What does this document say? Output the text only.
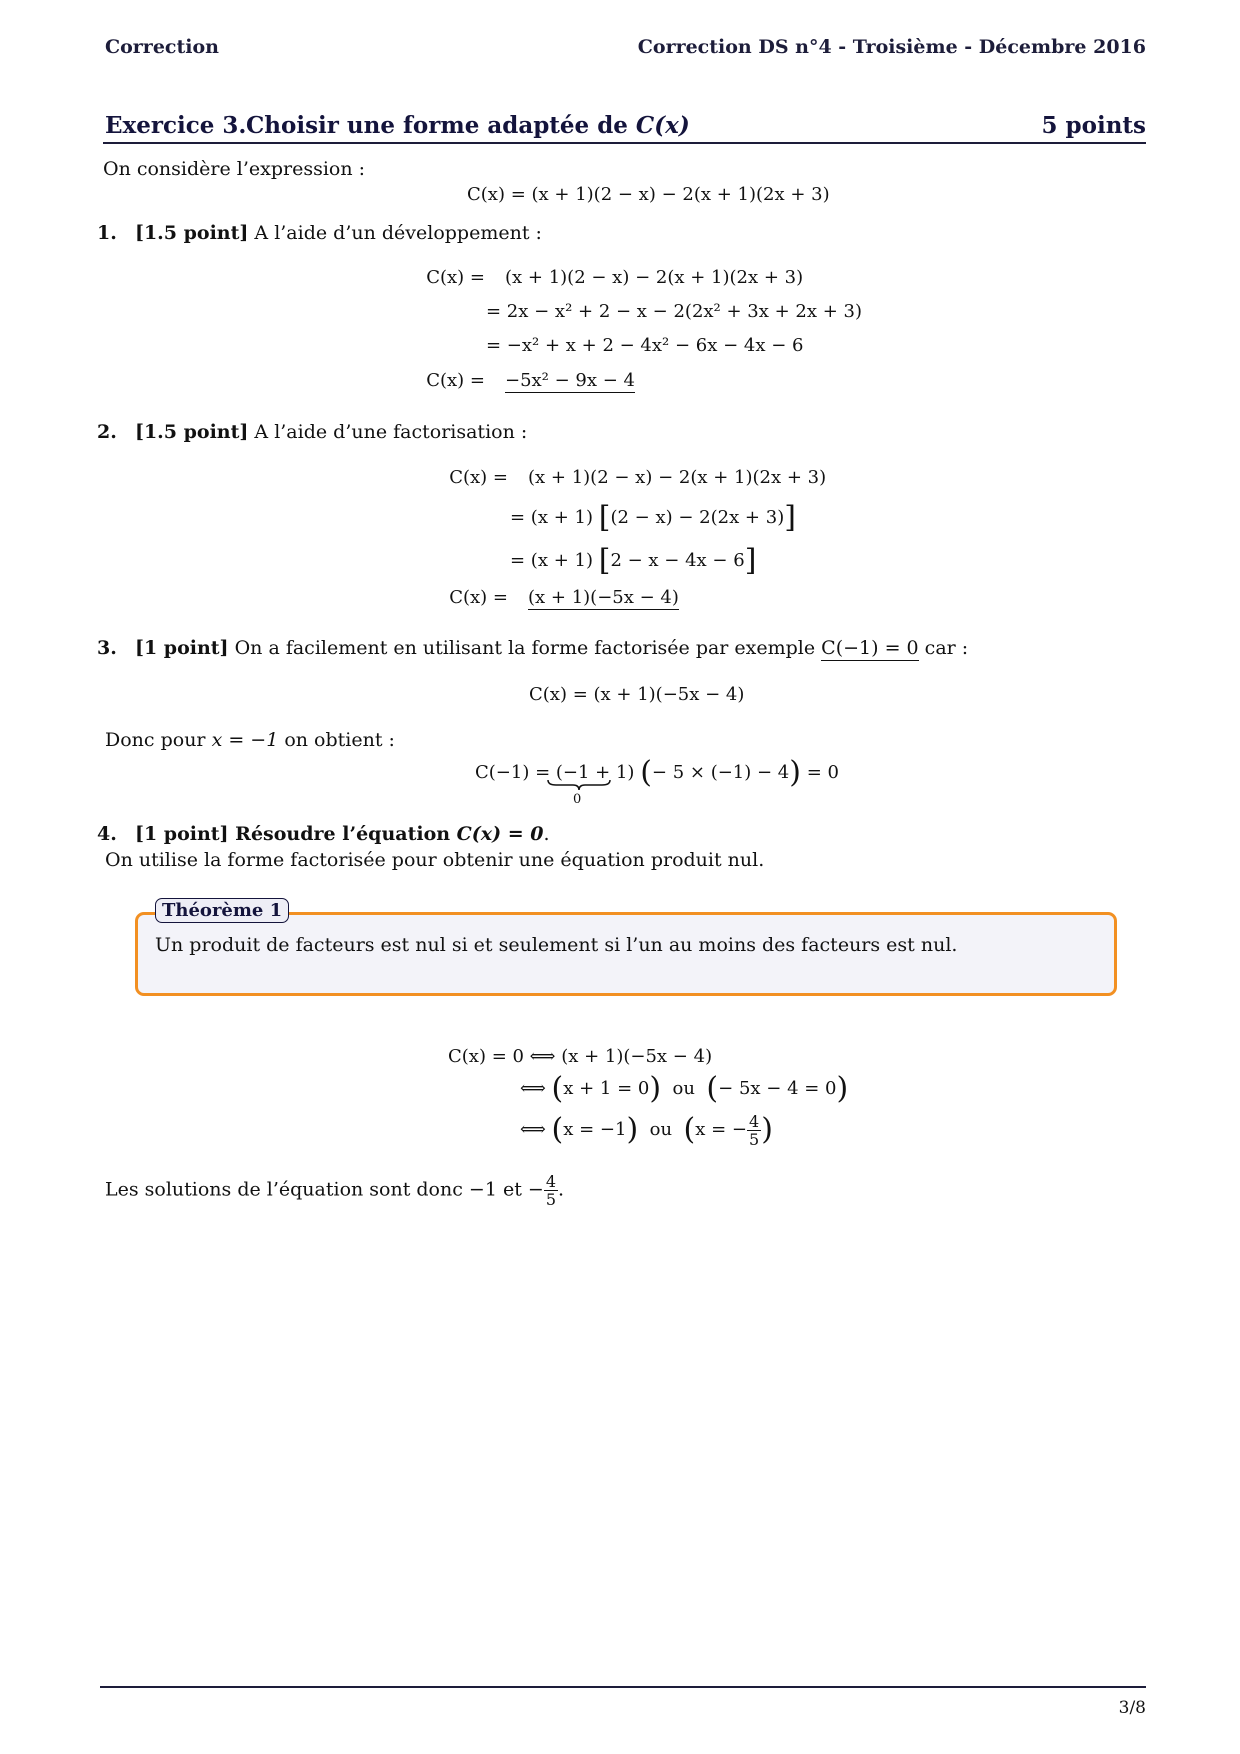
Correction	Correction DS n°4 - Troisième - Décembre 2016
Exercice 3. Choisir une forme adaptée de C(x)	5 points
On considère l’expression :
C(x) = (x + 1)(2 − x) − 2(x + 1)(2x + 3)
1. [1.5 point] A l’aide d’un développement :
C(x) = (x + 1)(2 − x) − 2(x + 1)(2x + 3)
= 2x − x² + 2 − x − 2(2x² + 3x + 2x + 3)
= −x² + x + 2 − 4x² − 6x − 4x − 6
C(x) = −5x² − 9x − 4
2. [1.5 point] A l’aide d’une factorisation :
C(x) = (x + 1)(2 − x) − 2(x + 1)(2x + 3)
= (x + 1) [(2 − x) − 2(2x + 3)]
= (x + 1) [2 − x − 4x − 6]
C(x) = (x + 1)(−5x − 4)
3. [1 point] On a facilement en utilisant la forme factorisée par exemple C(−1) = 0 car :
C(x) = (x + 1)(−5x − 4)
Donc pour x = −1 on obtient :
C(−1) = (−1 + 1) (− 5 × (−1) − 4) = 0
0
4. [1 point] Résoudre l’équation C(x) = 0.
On utilise la forme factorisée pour obtenir une équation produit nul.
Théorème 1
Un produit de facteurs est nul si et seulement si l’un au moins des facteurs est nul.
C(x) = 0 ⟺ (x + 1)(−5x − 4)
⟺ (x + 1 = 0) ou (− 5x − 4 = 0)
⟺ (x = −1) ou (x = − $\frac{4}{5}$ )
Les solutions de l’équation sont donc −1 et − $\frac{4}{5}$ .
3/8
